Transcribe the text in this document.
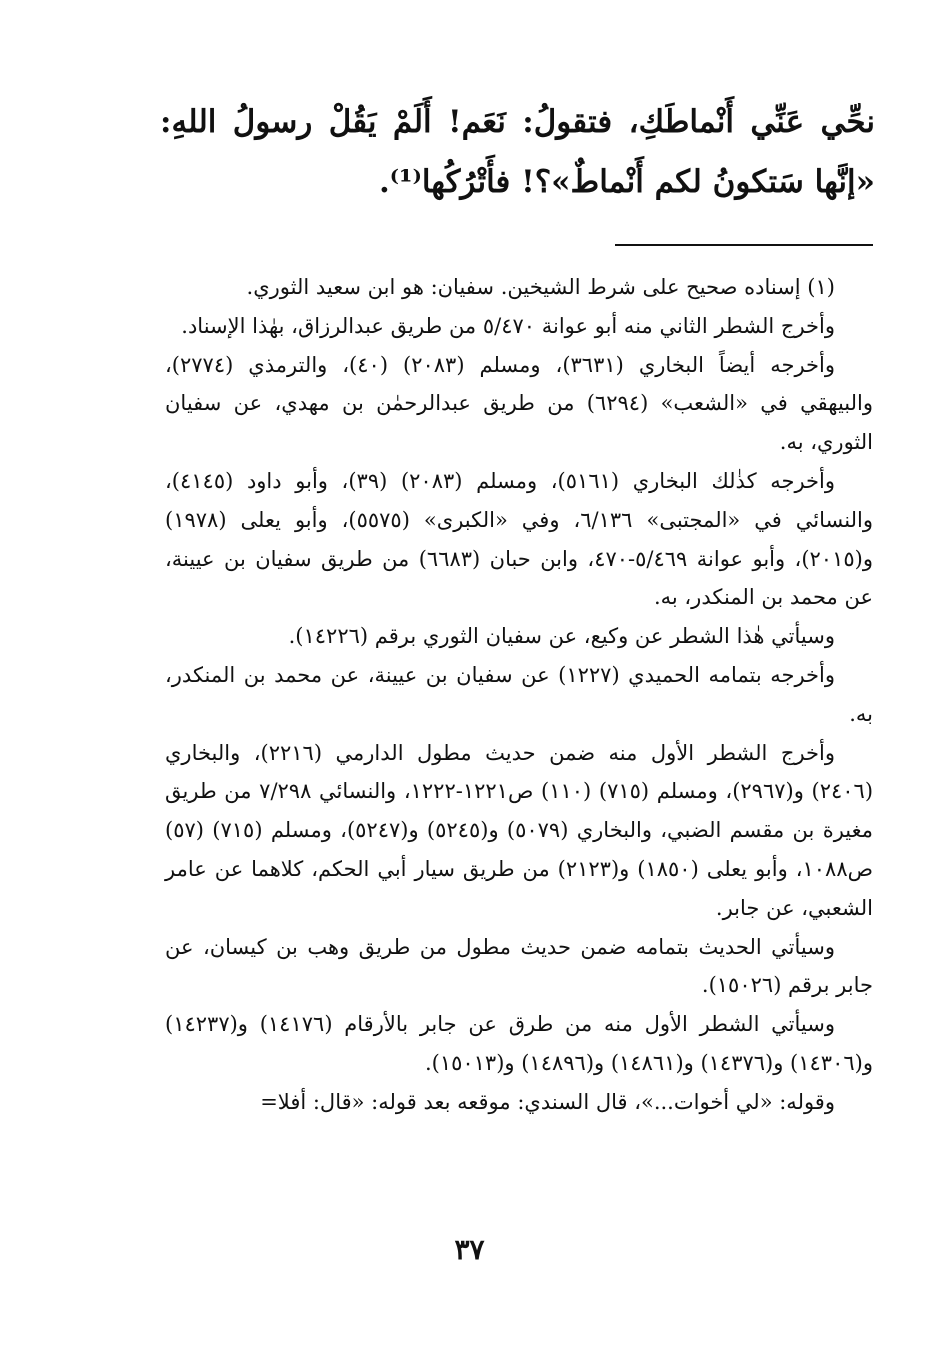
نحِّي عَنِّي أَنْماطَكِ، فتقولُ: نَعَم! أَلَمْ يَقُلْ رسولُ اللهِ: «إنَّها سَتكونُ لكم أَنْماطٌ»؟! فأَتْرُكُها⁽¹⁾.

(١) إسناده صحيح على شرط الشيخين. سفيان: هو ابن سعيد الثوري.

وأخرج الشطر الثاني منه أبو عوانة ٥/٤٧٠ من طريق عبدالرزاق، بهٰذا الإسناد.

وأخرجه أيضاً البخاري (٣٦٣١)، ومسلم (٢٠٨٣) (٤٠)، والترمذي (٢٧٧٤)، والبيهقي في «الشعب» (٦٢٩٤) من طريق عبدالرحمٰن بن مهدي، عن سفيان الثوري، به.

وأخرجه كذٰلك البخاري (٥١٦١)، ومسلم (٢٠٨٣) (٣٩)، وأبو داود (٤١٤٥)، والنسائي في «المجتبى» ٦/١٣٦، وفي «الكبرى» (٥٥٧٥)، وأبو يعلى (١٩٧٨) و(٢٠١٥)، وأبو عوانة ٥/٤٦٩-٤٧٠، وابن حبان (٦٦٨٣) من طريق سفيان بن عيينة، عن محمد بن المنكدر، به.

وسيأتي هٰذا الشطر عن وكيع، عن سفيان الثوري برقم (١٤٢٢٦).

وأخرجه بتمامه الحميدي (١٢٢٧) عن سفيان بن عيينة، عن محمد بن المنكدر، به.

وأخرج الشطر الأول منه ضمن حديث مطول الدارمي (٢٢١٦)، والبخاري (٢٤٠٦) و(٢٩٦٧)، ومسلم (٧١٥) (١١٠) ص١٢٢١-١٢٢٢، والنسائي ٧/٢٩٨ من طريق مغيرة بن مقسم الضبي، والبخاري (٥٠٧٩) و(٥٢٤٥) و(٥٢٤٧)، ومسلم (٧١٥) (٥٧) ص١٠٨٨، وأبو يعلى (١٨٥٠) و(٢١٢٣) من طريق سيار أبي الحكم، كلاهما عن عامر الشعبي، عن جابر.

وسيأتي الحديث بتمامه ضمن حديث مطول من طريق وهب بن كيسان، عن جابر برقم (١٥٠٢٦).

وسيأتي الشطر الأول منه من طرق عن جابر بالأرقام (١٤١٧٦) و(١٤٢٣٧) و(١٤٣٠٦) و(١٤٣٧٦) و(١٤٨٦١) و(١٤٨٩٦) و(١٥٠١٣).

وقوله: «لي أخوات...»، قال السندي: موقعه بعد قوله: «قال: أفلا=

٣٧
